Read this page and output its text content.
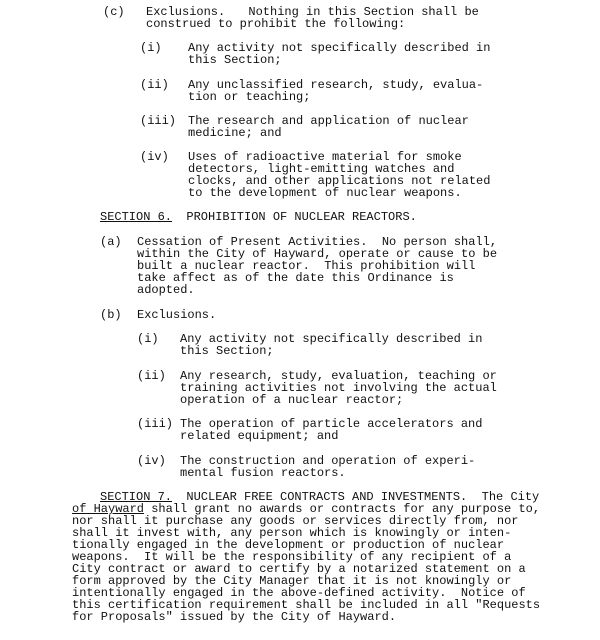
(c) Exclusions. Nothing in this Section shall be
construed to prohibit the following:
(i) Any activity not specifically described in
this Section;
(ii) Any unclassified research, study, evalua-
tion or teaching;
(iii) The research and application of nuclear
medicine; and
(iv) Uses of radioactive material for smoke
detectors, light-emitting watches and
clocks, and other applications not related
to the development of nuclear weapons.
SECTION 6. PROHIBITION OF NUCLEAR REACTORS.
(a) Cessation of Present Activities.  No person shall,
within the City of Hayward, operate or cause to be
built a nuclear reactor.  This prohibition will
take affect as of the date this Ordinance is
adopted.
(b) Exclusions.
(i) Any activity not specifically described in
this Section;
(ii) Any research, study, evaluation, teaching or
training activities not involving the actual
operation of a nuclear reactor;
(iii) The operation of particle accelerators and
related equipment; and
(iv) The construction and operation of experi-
mental fusion reactors.
SECTION 7. NUCLEAR FREE CONTRACTS AND INVESTMENTS.  The City
of Hayward shall grant no awards or contracts for any purpose to,
nor shall it purchase any goods or services directly from, nor
shall it invest with, any person which is knowingly or inten-
tionally engaged in the development or production of nuclear
weapons.  It will be the responsibility of any recipient of a
City contract or award to certify by a notarized statement on a
form approved by the City Manager that it is not knowingly or
intentionally engaged in the above-defined activity.  Notice of
this certification requirement shall be included in all "Requests
for Proposals" issued by the City of Hayward.
